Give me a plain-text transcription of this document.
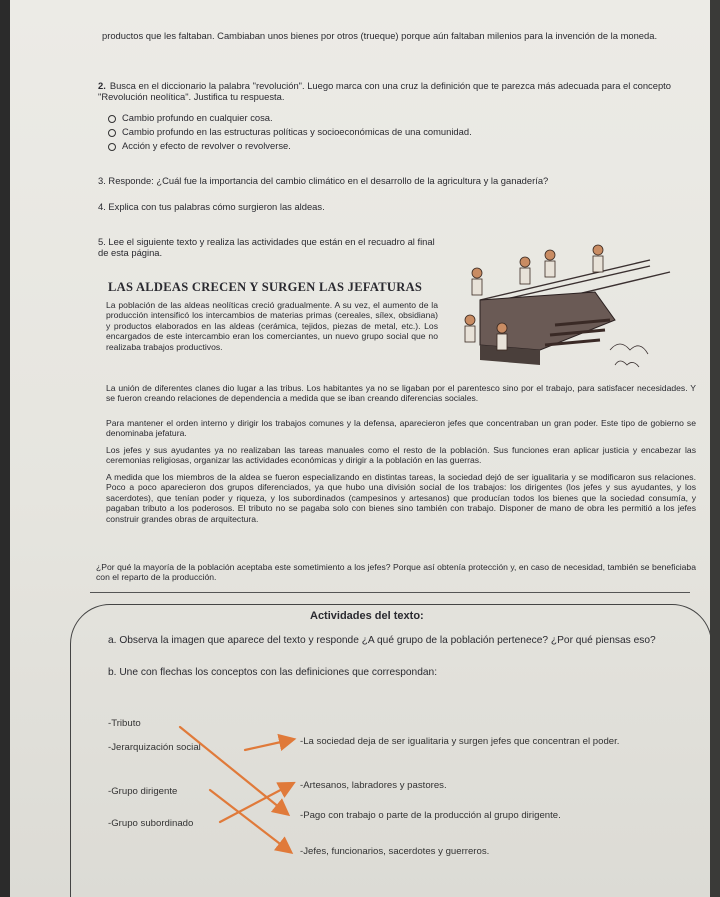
productos que les faltaban. Cambiaban unos bienes por otros (trueque) porque aún faltaban milenios para la invención de la moneda.

2. Busca en el diccionario la palabra "revolución". Luego marca con una cruz la definición que te parezca más adecuada para el concepto "Revolución neolítica". Justifica tu respuesta.

Cambio profundo en cualquier cosa.
Cambio profundo en las estructuras políticas y socioeconómicas de una comunidad.
Acción y efecto de revolver o revolverse.

3. Responde: ¿Cuál fue la importancia del cambio climático en el desarrollo de la agricultura y la ganadería?

4. Explica con tus palabras cómo surgieron las aldeas.

5. Lee el siguiente texto y realiza las actividades que están en el recuadro al final de esta página.

LAS ALDEAS CRECEN Y SURGEN LAS JEFATURAS

La población de las aldeas neolíticas creció gradualmente. A su vez, el aumento de la producción intensificó los intercambios de materias primas (cereales, sílex, obsidiana) y productos elaborados en las aldeas (cerámica, tejidos, piezas de metal, etc.). Los encargados de este intercambio eran los comerciantes, un nuevo grupo social que no realizaba trabajos productivos.

La unión de diferentes clanes dio lugar a las tribus. Los habitantes ya no se ligaban por el parentesco sino por el trabajo, para satisfacer necesidades. Y se fueron creando relaciones de dependencia a medida que se iban creando diferencias sociales.

Para mantener el orden interno y dirigir los trabajos comunes y la defensa, aparecieron jefes que concentraban un gran poder. Este tipo de gobierno se denominaba jefatura.

Los jefes y sus ayudantes ya no realizaban las tareas manuales como el resto de la población. Sus funciones eran aplicar justicia y encabezar las ceremonias religiosas, organizar las actividades económicas y dirigir a la población en las guerras.

A medida que los miembros de la aldea se fueron especializando en distintas tareas, la sociedad dejó de ser igualitaria y se modificaron sus relaciones. Poco a poco aparecieron dos grupos diferenciados, ya que hubo una división social de los trabajos: los dirigentes (los jefes y sus ayudantes, y los sacerdotes), que tenían poder y riqueza, y los subordinados (campesinos y artesanos) que producían todos los bienes que la sociedad consumía, y pagaban tributo a los poderosos. El tributo no se pagaba solo con bienes sino también con trabajo. Disponer de mano de obra les permitió a los jefes construir grandes obras de arquitectura.

¿Por qué la mayoría de la población aceptaba este sometimiento a los jefes? Porque así obtenía protección y, en caso de necesidad, también se beneficiaba con el reparto de la producción.

Actividades del texto:

a. Observa la imagen que aparece del texto y responde ¿A qué grupo de la población pertenece? ¿Por qué piensas eso?

b. Une con flechas los conceptos con las definiciones que correspondan:

-Tributo
-Jerarquización social
-Grupo dirigente
-Grupo subordinado
-La sociedad deja de ser igualitaria y surgen jefes que concentran el poder.
-Artesanos, labradores y pastores.
-Pago con trabajo o parte de la producción al grupo dirigente.
-Jefes, funcionarios, sacerdotes y guerreros.
